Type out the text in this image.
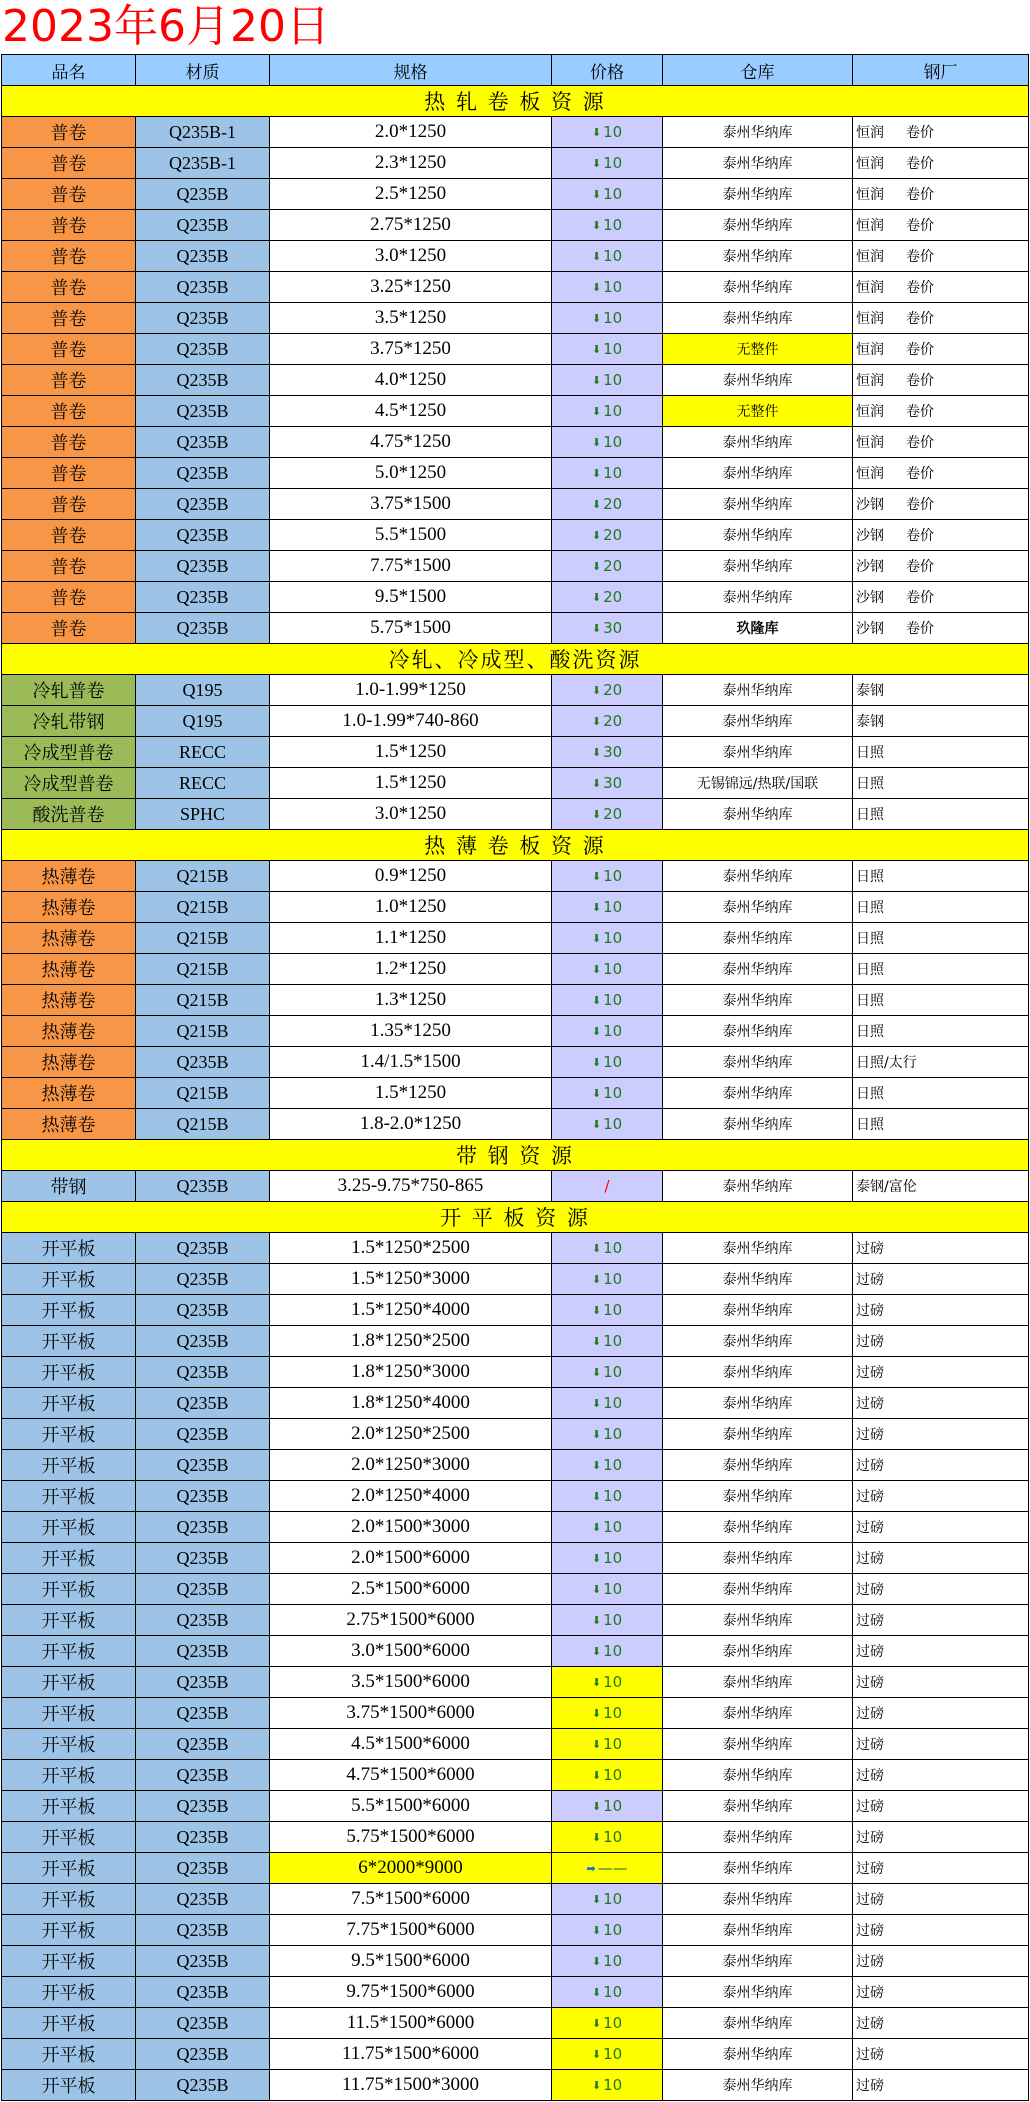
2023年6月20日
品名	材质	规格	价格	仓库	钢厂
热 轧 卷 板 资 源					
普卷	Q235B-1	2.0*1250	⬇ 10	泰州华纳库	恒润 卷价
普卷	Q235B-1	2.3*1250	⬇ 10	泰州华纳库	恒润 卷价
普卷	Q235B	2.5*1250	⬇ 10	泰州华纳库	恒润 卷价
普卷	Q235B	2.75*1250	⬇ 10	泰州华纳库	恒润 卷价
普卷	Q235B	3.0*1250	⬇ 10	泰州华纳库	恒润 卷价
普卷	Q235B	3.25*1250	⬇ 10	泰州华纳库	恒润 卷价
普卷	Q235B	3.5*1250	⬇ 10	泰州华纳库	恒润 卷价
普卷	Q235B	3.75*1250	⬇ 10	无整件	恒润 卷价
普卷	Q235B	4.0*1250	⬇ 10	泰州华纳库	恒润 卷价
普卷	Q235B	4.5*1250	⬇ 10	无整件	恒润 卷价
普卷	Q235B	4.75*1250	⬇ 10	泰州华纳库	恒润 卷价
普卷	Q235B	5.0*1250	⬇ 10	泰州华纳库	恒润 卷价
普卷	Q235B	3.75*1500	⬇ 20	泰州华纳库	沙钢 卷价
普卷	Q235B	5.5*1500	⬇ 20	泰州华纳库	沙钢 卷价
普卷	Q235B	7.75*1500	⬇ 20	泰州华纳库	沙钢 卷价
普卷	Q235B	9.5*1500	⬇ 20	泰州华纳库	沙钢 卷价
普卷	Q235B	5.75*1500	⬇ 30	玖隆库	沙钢 卷价
冷轧、冷成型、酸洗资源					
冷轧普卷	Q195	1.0-1.99*1250	⬇ 20	泰州华纳库	泰钢
冷轧带钢	Q195	1.0-1.99*740-860	⬇ 20	泰州华纳库	泰钢
冷成型普卷	RECC	1.5*1250	⬇ 30	泰州华纳库	日照
冷成型普卷	RECC	1.5*1250	⬇ 30	无锡锦远/热联/国联	日照
酸洗普卷	SPHC	3.0*1250	⬇ 20	泰州华纳库	日照
热 薄 卷 板 资 源					
热薄卷	Q215B	0.9*1250	⬇ 10	泰州华纳库	日照
热薄卷	Q215B	1.0*1250	⬇ 10	泰州华纳库	日照
热薄卷	Q215B	1.1*1250	⬇ 10	泰州华纳库	日照
热薄卷	Q215B	1.2*1250	⬇ 10	泰州华纳库	日照
热薄卷	Q215B	1.3*1250	⬇ 10	泰州华纳库	日照
热薄卷	Q215B	1.35*1250	⬇ 10	泰州华纳库	日照
热薄卷	Q235B	1.4/1.5*1500	⬇ 10	泰州华纳库	日照/太行
热薄卷	Q215B	1.5*1250	⬇ 10	泰州华纳库	日照
热薄卷	Q215B	1.8-2.0*1250	⬇ 10	泰州华纳库	日照
带 钢 资 源					
带钢	Q235B	3.25-9.75*750-865	/	泰州华纳库	泰钢/富伦
开 平 板 资 源					
开平板	Q235B	1.5*1250*2500	⬇ 10	泰州华纳库	过磅
开平板	Q235B	1.5*1250*3000	⬇ 10	泰州华纳库	过磅
开平板	Q235B	1.5*1250*4000	⬇ 10	泰州华纳库	过磅
开平板	Q235B	1.8*1250*2500	⬇ 10	泰州华纳库	过磅
开平板	Q235B	1.8*1250*3000	⬇ 10	泰州华纳库	过磅
开平板	Q235B	1.8*1250*4000	⬇ 10	泰州华纳库	过磅
开平板	Q235B	2.0*1250*2500	⬇ 10	泰州华纳库	过磅
开平板	Q235B	2.0*1250*3000	⬇ 10	泰州华纳库	过磅
开平板	Q235B	2.0*1250*4000	⬇ 10	泰州华纳库	过磅
开平板	Q235B	2.0*1500*3000	⬇ 10	泰州华纳库	过磅
开平板	Q235B	2.0*1500*6000	⬇ 10	泰州华纳库	过磅
开平板	Q235B	2.5*1500*6000	⬇ 10	泰州华纳库	过磅
开平板	Q235B	2.75*1500*6000	⬇ 10	泰州华纳库	过磅
开平板	Q235B	3.0*1500*6000	⬇ 10	泰州华纳库	过磅
开平板	Q235B	3.5*1500*6000	⬇ 10	泰州华纳库	过磅
开平板	Q235B	3.75*1500*6000	⬇ 10	泰州华纳库	过磅
开平板	Q235B	4.5*1500*6000	⬇ 10	泰州华纳库	过磅
开平板	Q235B	4.75*1500*6000	⬇ 10	泰州华纳库	过磅
开平板	Q235B	5.5*1500*6000	⬇ 10	泰州华纳库	过磅
开平板	Q235B	5.75*1500*6000	⬇ 10	泰州华纳库	过磅
开平板	Q235B	6*2000*9000	➡ ——	泰州华纳库	过磅
开平板	Q235B	7.5*1500*6000	⬇ 10	泰州华纳库	过磅
开平板	Q235B	7.75*1500*6000	⬇ 10	泰州华纳库	过磅
开平板	Q235B	9.5*1500*6000	⬇ 10	泰州华纳库	过磅
开平板	Q235B	9.75*1500*6000	⬇ 10	泰州华纳库	过磅
开平板	Q235B	11.5*1500*6000	⬇ 10	泰州华纳库	过磅
开平板	Q235B	11.75*1500*6000	⬇ 10	泰州华纳库	过磅
开平板	Q235B	11.75*1500*3000	⬇ 10	泰州华纳库	过磅
